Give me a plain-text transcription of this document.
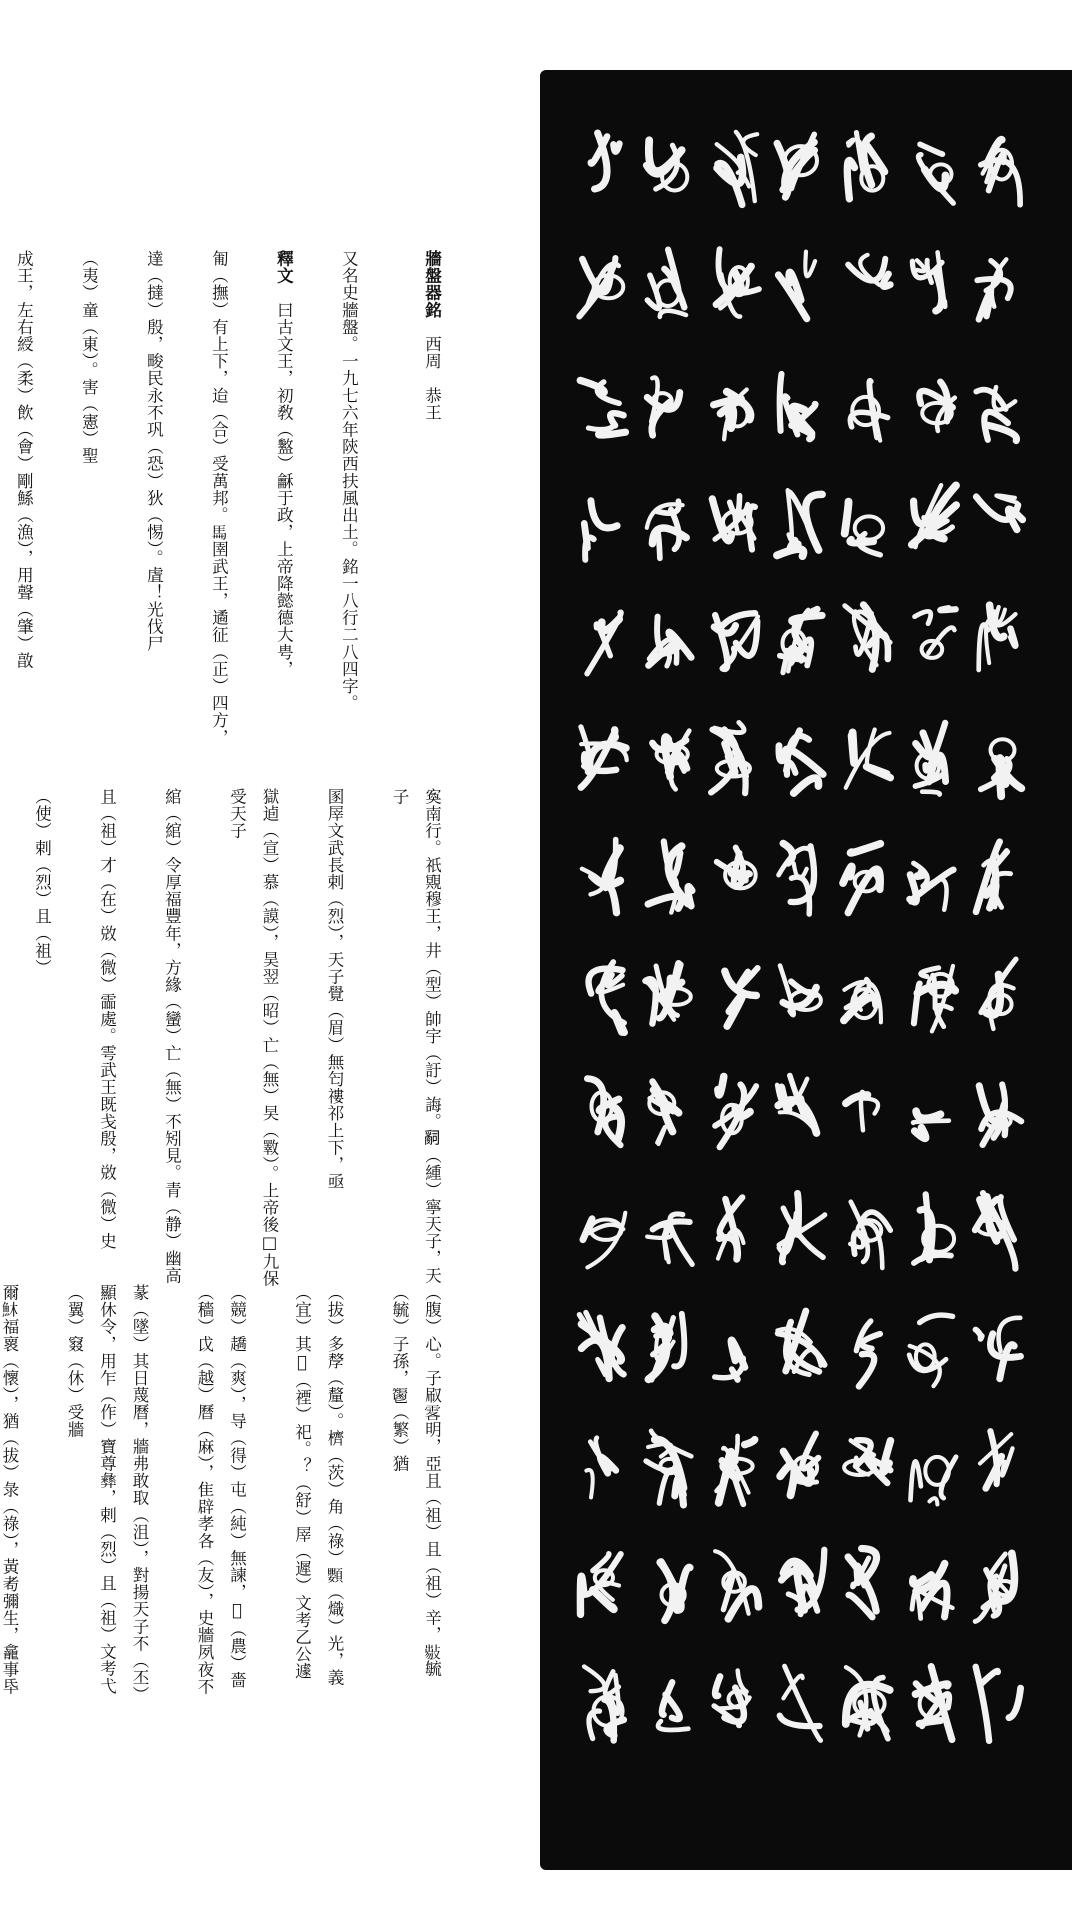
牆盤器銘　西周　恭王

又名史牆盤。一九七六年陝西扶風出土。銘一八行二八四字。

釋文　曰古文王，初敎（盭）龢于政，上帝降懿德大甹，

匍（撫）有上下，迨（合）受萬邦。𩡧圉武王，遹征（正）四方，

達（撻）殷，畯民永不巩（恐）狄（惕）。虘！光伐尸

（夷）童（東）。害（憲）聖

成王，左右綬（柔）飲（會）剛鯀（漁），用聲（肇）㪟

寏南行。祇覭穆王，井（型）帥宇（訏）誨。𤔲（緟）寧天子，天子

圂屖文武長剌（烈），天子覺（眉）無匄䄛祁上下，亟

獄逌（宣）慕（謨），昊翌（昭）亡（無）旲（斁）。上帝後□九保受天子

綰（綰）令厚福豐年，方緣（蠻）亡（無）不矧見。青（静）幽高

且（祖）才（在）敚（微）霝處。雩武王既戋殷，敚（微）史

（使）剌（烈）且（祖）

（腹）心。子㕞𩂣明，亞且（祖）且（祖）辛，𢾈毓（毓）子孫，𩰤（繁）猶

（拔）多孷（釐）。櫅（茨）角（祿）𩖍（熾）光，義（宜）其𥜻（禋）祀。？（舒）屖（遲）文考乙公遽

（競）趫（爽），导（得）屯（純）無諫，𧁥（農）嗇（穡）戉（越）曆（麻），隹辟孝各（友），史牆夙夜不

蒃（墜）其日蔑曆，牆弗敢取（沮），對揚天子不（丕）顯休令，用乍（作）寶尊彝，剌（烈）且（祖）文考弋（翼）窡（休）受牆

爾𩵦福褱（懷），猶（拔）彔（祿），黃耇彌生，龕事氒
